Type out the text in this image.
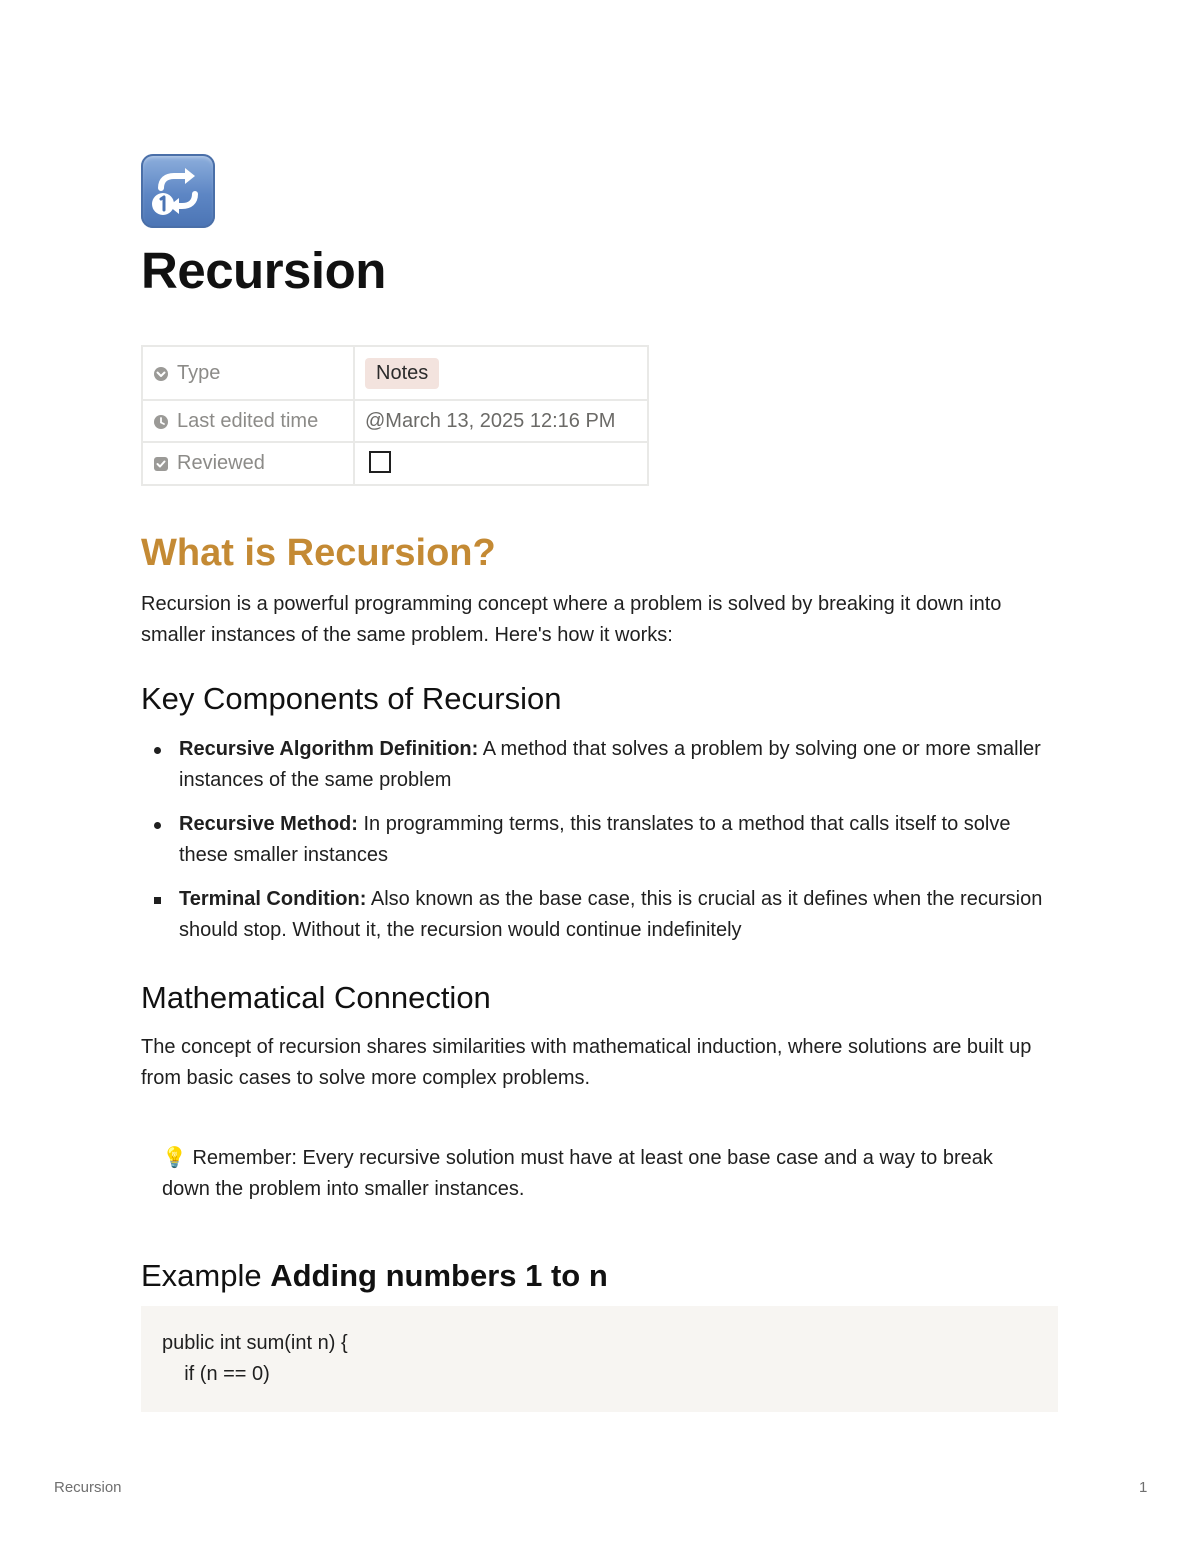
Recursion
Type	Notes
Last edited time	@March 13, 2025 12:16 PM
Reviewed	
What is Recursion?

Recursion is a powerful programming concept where a problem is solved by breaking it down into smaller instances of the same problem. Here's how it works:

Key Components of Recursion
Recursive Algorithm Definition: A method that solves a problem by solving one or more smaller instances of the same problem
Recursive Method: In programming terms, this translates to a method that calls itself to solve these smaller instances
Terminal Condition: Also known as the base case, this is crucial as it defines when the recursion should stop. Without it, the recursion would continue indefinitely
Mathematical Connection

The concept of recursion shares similarities with mathematical induction, where solutions are built up from basic cases to solve more complex problems.

💡 Remember: Every recursive solution must have at least one base case and a way to break down the problem into smaller instances.
Example Adding numbers 1 to n
public int sum(int n) {
if (n == 0)
Recursion	1
